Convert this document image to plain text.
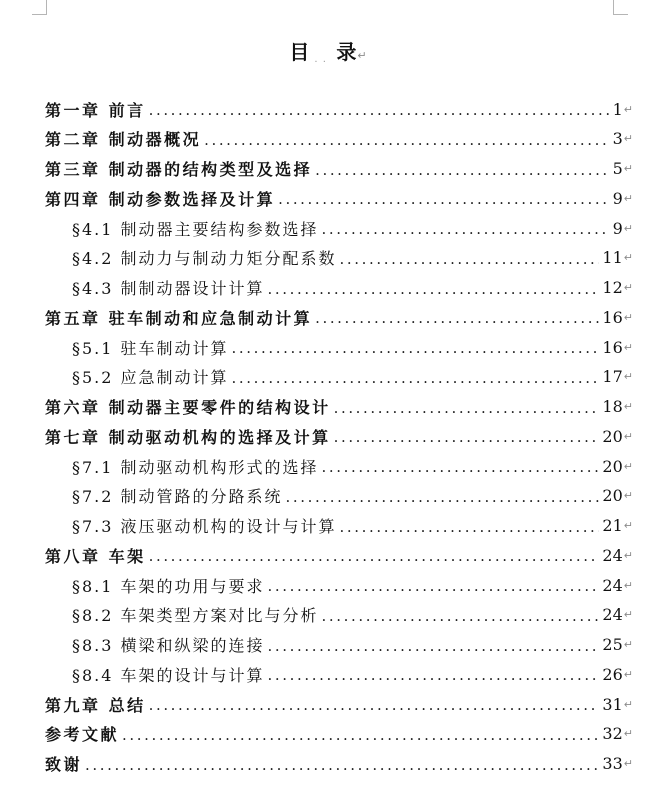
目 录↵
第一章 前言 .....	1 ↵
第二章 制动器概况 .....	3 ↵
第三章 制动器的结构类型及选择 .....	5 ↵
第四章 制动参数选择及计算 .....	9 ↵
§4.1 制动器主要结构参数选择 .....	9 ↵
§4.2 制动力与制动力矩分配系数 .....	11 ↵
§4.3 制制动器设计计算 .....	12 ↵
第五章 驻车制动和应急制动计算 .....	16 ↵
§5.1 驻车制动计算 .....	16 ↵
§5.2 应急制动计算 .....	17 ↵
第六章 制动器主要零件的结构设计 .....	18 ↵
第七章 制动驱动机构的选择及计算 .....	20 ↵
§7.1 制动驱动机构形式的选择 .....	20 ↵
§7.2 制动管路的分路系统 .....	20 ↵
§7.3 液压驱动机构的设计与计算 .....	21 ↵
第八章 车架 .....	24 ↵
§8.1 车架的功用与要求 .....	24 ↵
§8.2 车架类型方案对比与分析 .....	24 ↵
§8.3 横梁和纵梁的连接 .....	25 ↵
§8.4 车架的设计与计算 .....	26 ↵
第九章 总结 .....	31 ↵
参考文献 .....	32 ↵
致谢 .....	33 ↵
